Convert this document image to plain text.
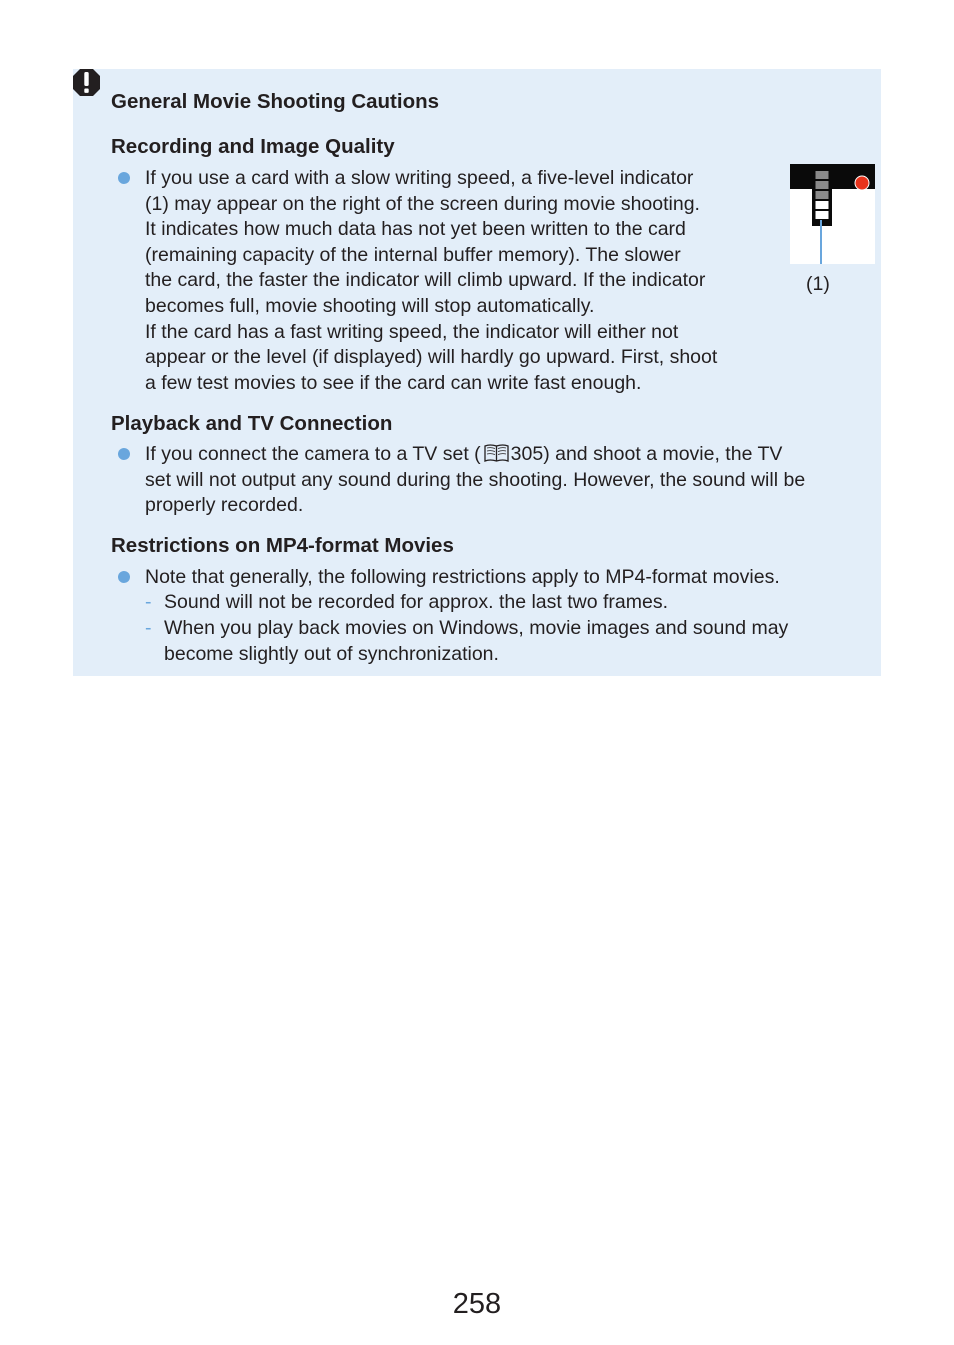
General Movie Shooting Cautions
Recording and Image Quality
If you use a card with a slow writing speed, a five-level indicator
(1) may appear on the right of the screen during movie shooting.
It indicates how much data has not yet been written to the card
(remaining capacity of the internal buffer memory). The slower
the card, the faster the indicator will climb upward. If the indicator
becomes full, movie shooting will stop automatically.
If the card has a fast writing speed, the indicator will either not
appear or the level (if displayed) will hardly go upward. First, shoot
a few test movies to see if the card can write fast enough.
(1)
Playback and TV Connection
If you connect the camera to a TV set ( 305) and shoot a movie, the TV
set will not output any sound during the shooting. However, the sound will be
properly recorded.
Restrictions on MP4-format Movies
Note that generally, the following restrictions apply to MP4-format movies.
- Sound will not be recorded for approx. the last two frames.
- When you play back movies on Windows, movie images and sound may
become slightly out of synchronization.
258
